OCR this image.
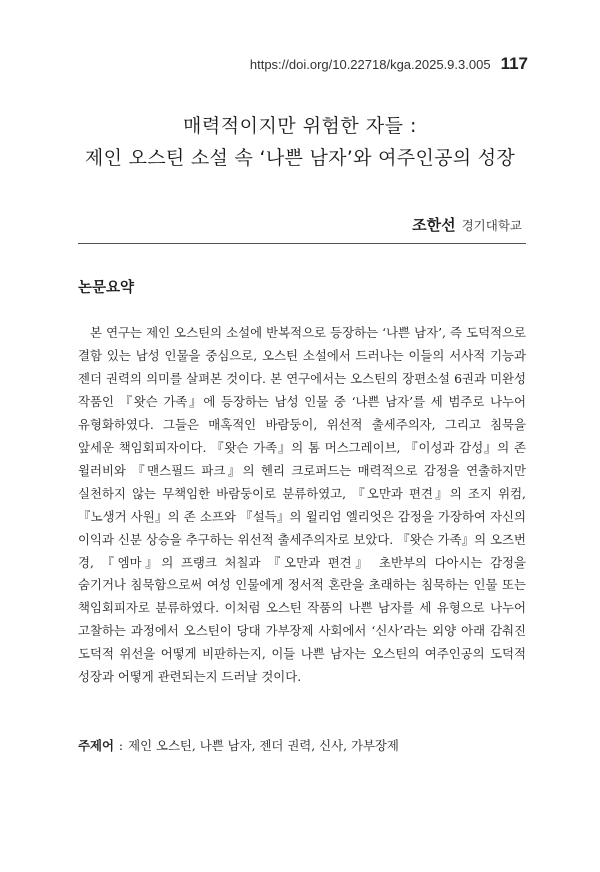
https://doi.org/10.22718/kga.2025.9.3.005 117
매력적이지만 위험한 자들 :
제인 오스틴 소설 속 ‘나쁜 남자’와 여주인공의 성장
조한선 경기대학교
논문요약

본 연구는 제인 오스틴의 소설에 반복적으로 등장하는 ‘나쁜 남자’, 즉 도덕적으로 결함 있는 남성 인물을 중심으로, 오스틴 소설에서 드러나는 이들의 서사적 기능과 젠더 권력의 의미를 살펴본 것이다. 본 연구에서는 오스틴의 장편소설 6권과 미완성 작품인 『왓슨 가족』에 등장하는 남성 인물 중 ‘나쁜 남자’를 세 범주로 나누어 유형화하였다. 그들은 매혹적인 바람둥이, 위선적 출세주의자, 그리고 침묵을 앞세운 책임회피자이다. 『왓슨 가족』의 톰 머스그레이브, 『이성과 감성』의 존 윌러비와 『맨스필드 파크』의 헨리 크로퍼드는 매력적으로 감정을 연출하지만 실천하지 않는 무책임한 바람둥이로 분류하였고, 『오만과 편견』의 조지 위컴, 『노생거 사원』의 존 소프와 『설득』의 윌리엄 엘리엇은 감정을 가장하여 자신의 이익과 신분 상승을 추구하는 위선적 출세주의자로 보았다. 『왓슨 가족』의 오즈번 경, 『엠마』의 프랭크 처칠과 『오만과 편견』 초반부의 다아시는 감정을 숨기거나 침묵함으로써 여성 인물에게 정서적 혼란을 초래하는 침묵하는 인물 또는 책임회피자로 분류하였다. 이처럼 오스틴 작품의 나쁜 남자를 세 유형으로 나누어 고찰하는 과정에서 오스틴이 당대 가부장제 사회에서 ‘신사’라는 외양 아래 감춰진 도덕적 위선을 어떻게 비판하는지, 이들 나쁜 남자는 오스틴의 여주인공의 도덕적 성장과 어떻게 관련되는지 드러날 것이다.

주제어 : 제인 오스틴, 나쁜 남자, 젠더 권력, 신사, 가부장제
